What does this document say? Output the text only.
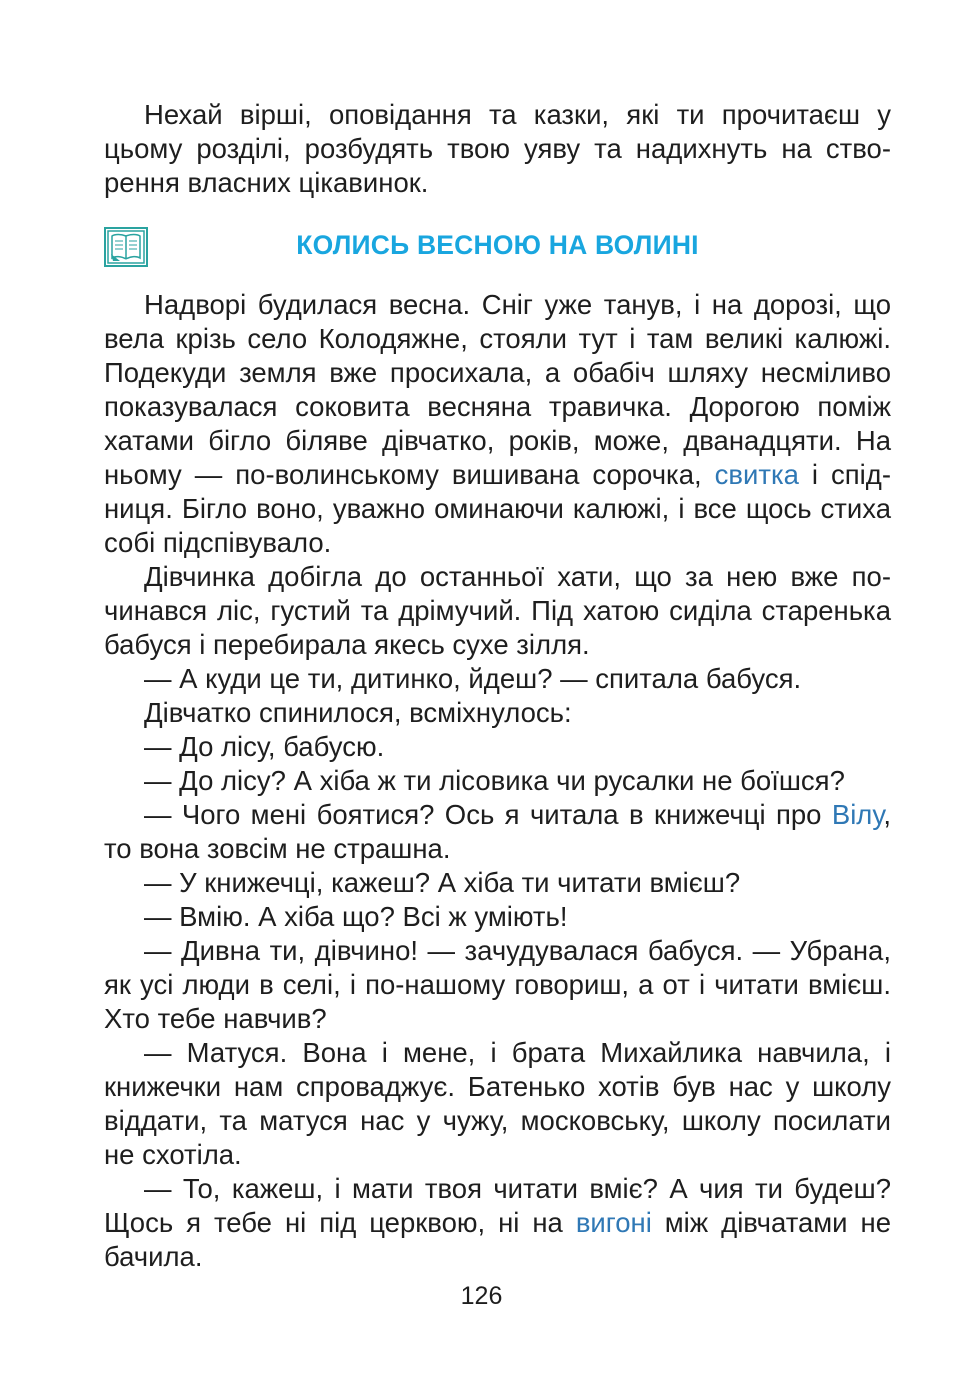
Нехай вірші, оповідання та казки, які ти прочитаєш у цьому розділі, розбудять твою уяву та надихнуть на створення власних цікавинок.

КОЛИСЬ ВЕСНОЮ НА ВОЛИНІ

Надворі будилася весна. Сніг уже танув, і на дорозі, що вела крізь село Колодяжне, стояли тут і там великі калюжі. Подекуди земля вже просихала, а обабіч шляху несміливо показувалася соковита весняна травичка. Дорогою поміж хатами бігло біляве дівчатко, років, може, дванадцяти. На ньому — по-волинському вишивана сорочка, свитка і спідниця. Бігло воно, уважно оминаючи калюжі, і все щось стиха собі підспівувало.

Дівчинка добігла до останньої хати, що за нею вже починався ліс, густий та дрімучий. Під хатою сиділа старенька бабуся і перебирала якесь сухе зілля.

— А куди це ти, дитинко, йдеш? — спитала бабуся.

Дівчатко спинилося, всміхнулось:

— До лісу, бабусю.

— До лісу? А хіба ж ти лісовика чи русалки не боїшся?

— Чого мені боятися? Ось я читала в книжечці про Вілу, то вона зовсім не страшна.

— У книжечці, кажеш? А хіба ти читати вмієш?

— Вмію. А хіба що? Всі ж уміють!

— Дивна ти, дівчино! — зачудувалася бабуся. — Убрана, як усі люди в селі, і по-нашому говориш, а от і читати вмієш. Хто тебе навчив?

— Матуся. Вона і мене, і брата Михайлика навчила, і книжечки нам спроваджує. Батенько хотів був нас у школу віддати, та матуся нас у чужу, московську, школу посилати не схотіла.

— То, кажеш, і мати твоя читати вміє? А чия ти будеш? Щось я тебе ні під церквою, ні на вигоні між дівчатами не бачила.

126
